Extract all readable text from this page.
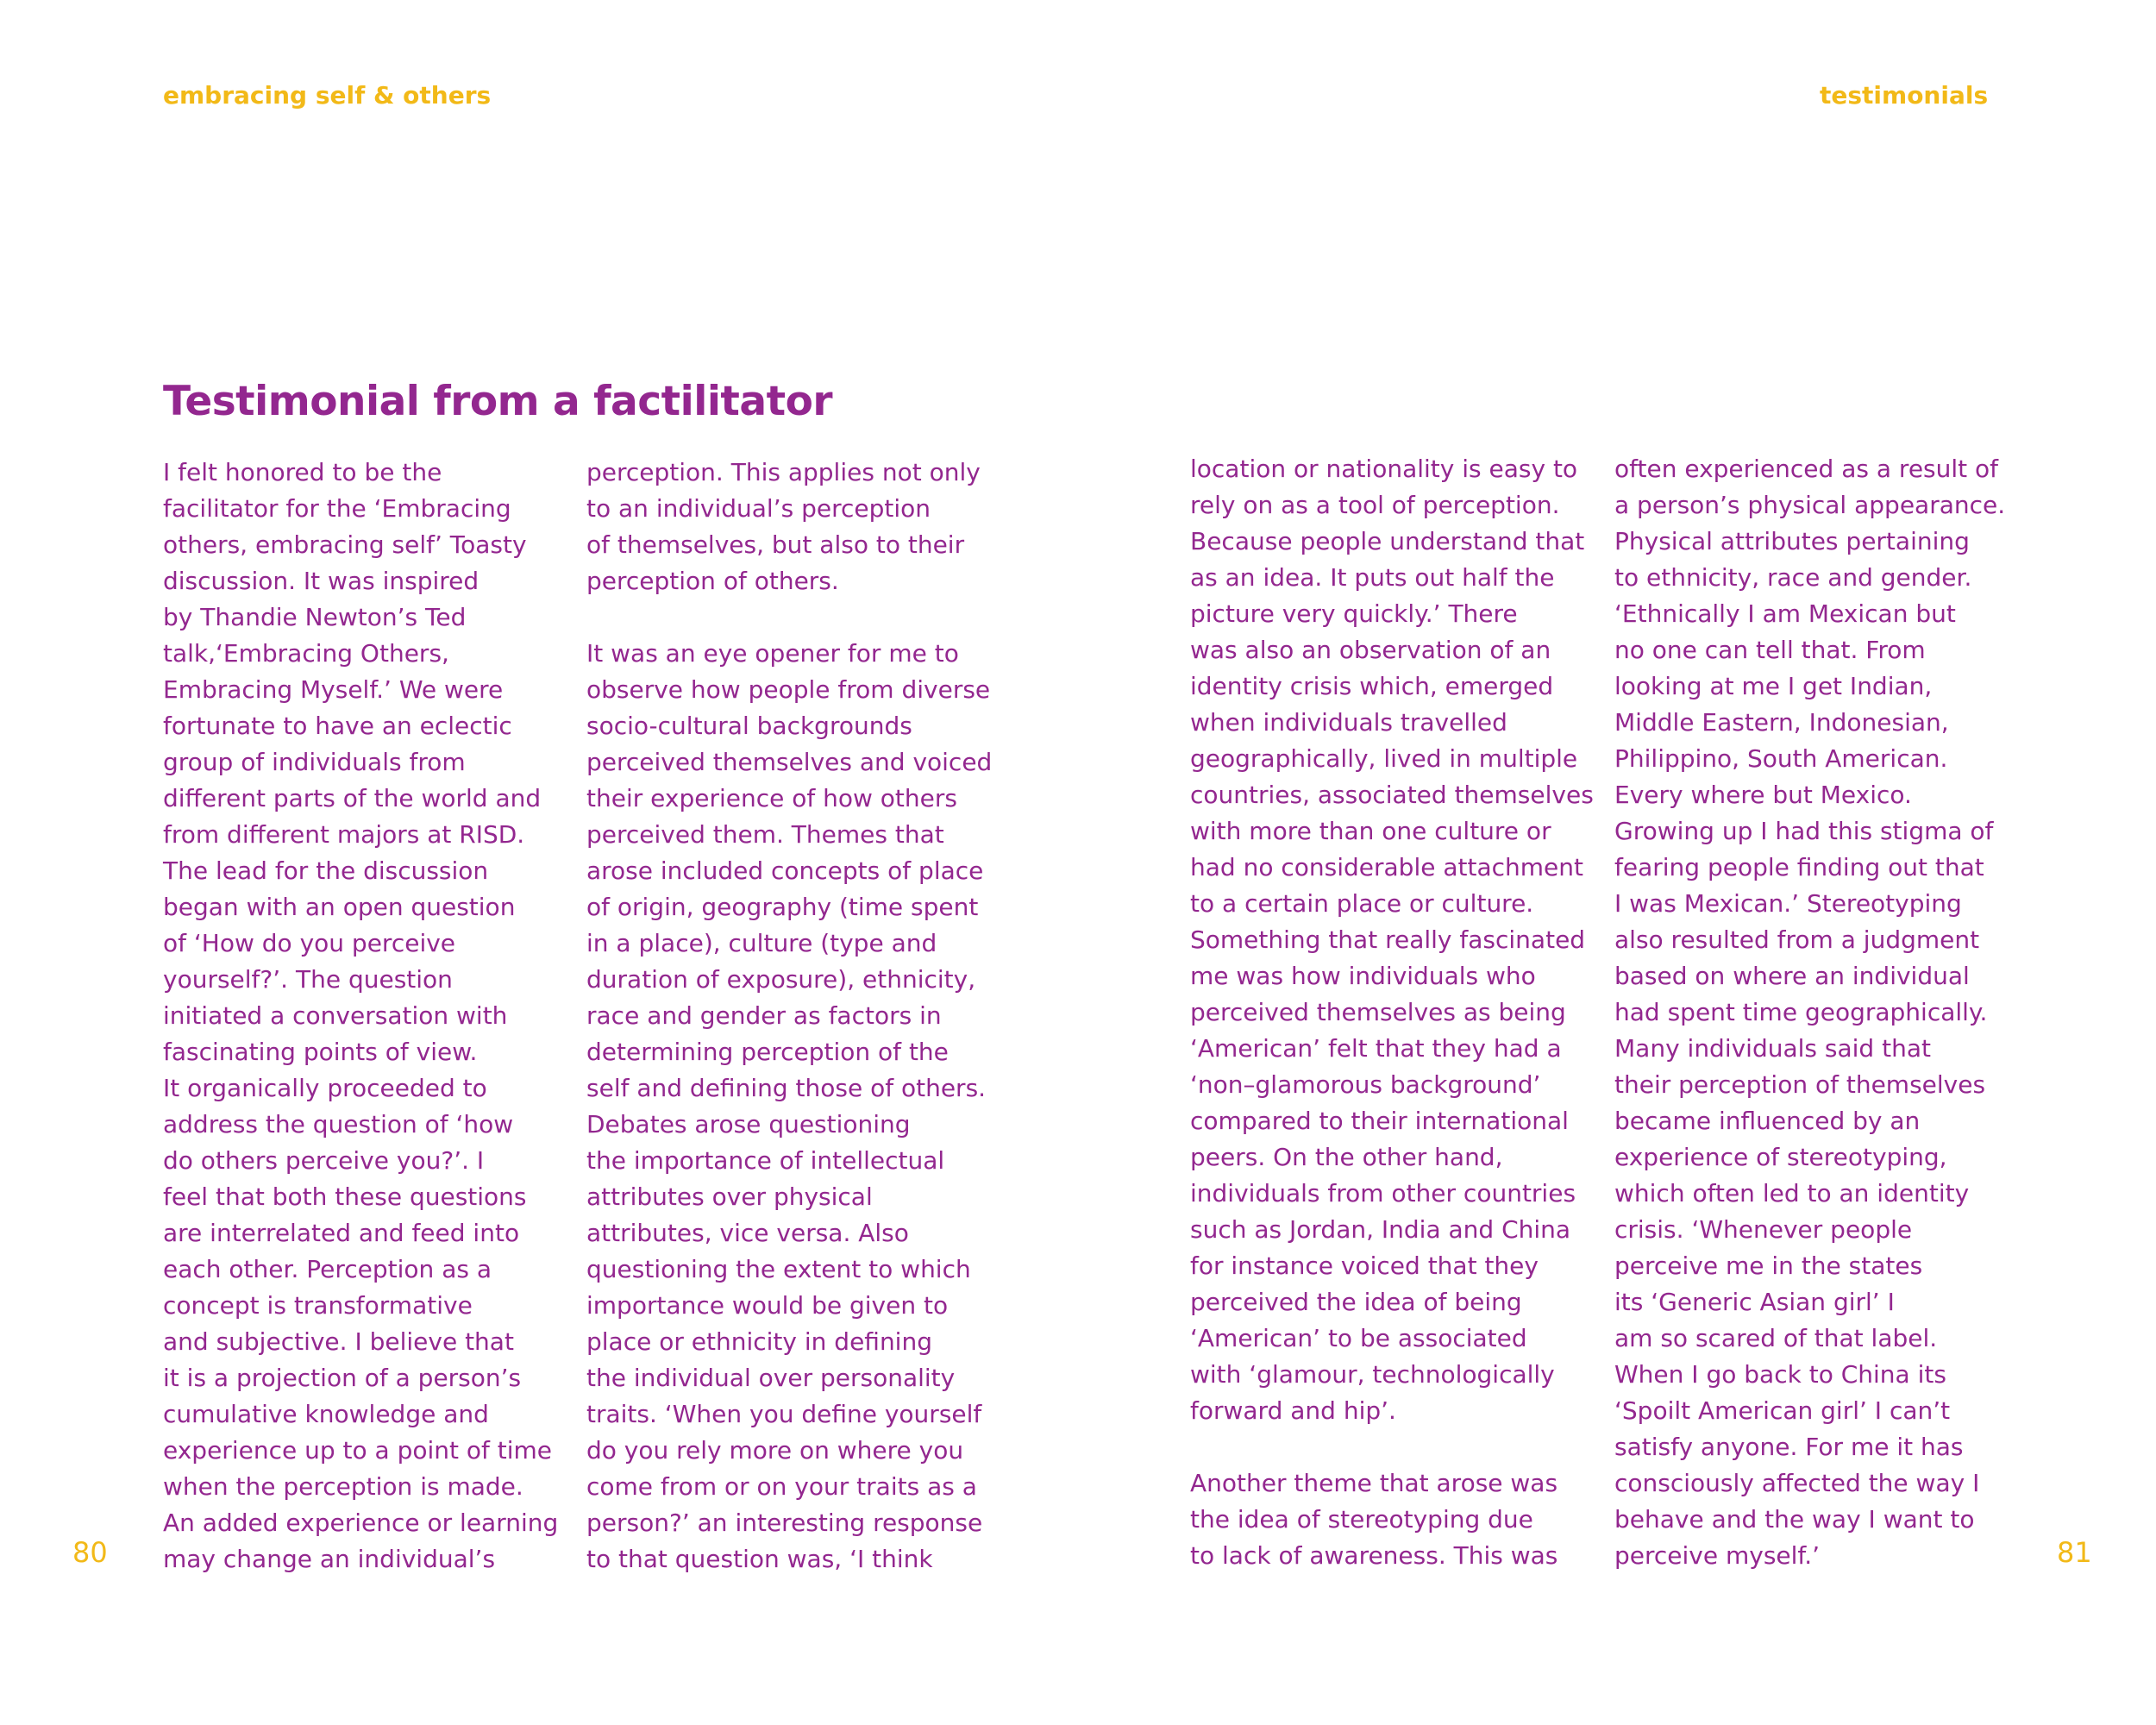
embracing self & others	testimonials
Testimonial from a factilitator
I felt honored to be the
facilitator for the ‘Embracing
others, embracing self’ Toasty
discussion. It was inspired
by Thandie Newton’s Ted
talk,‘Embracing Others,
Embracing Myself.’ We were
fortunate to have an eclectic
group of individuals from
different parts of the world and
from different majors at RISD.
The lead for the discussion
began with an open question
of ‘How do you perceive
yourself?’. The question
initiated a conversation with
fascinating points of view.
It organically proceeded to
address the question of ‘how
do others perceive you?’. I
feel that both these questions
are interrelated and feed into
each other. Perception as a
concept is transformative
and subjective. I believe that
it is a projection of a person’s
cumulative knowledge and
experience up to a point of time
when the perception is made.
An added experience or learning
may change an individual’s
perception. This applies not only
to an individual’s perception
of themselves, but also to their
perception of others.
It was an eye opener for me to
observe how people from diverse
socio-cultural backgrounds
perceived themselves and voiced
their experience of how others
perceived them. Themes that
arose included concepts of place
of origin, geography (time spent
in a place), culture (type and
duration of exposure), ethnicity,
race and gender as factors in
determining perception of the
self and defining those of others.
Debates arose questioning
the importance of intellectual
attributes over physical
attributes, vice versa. Also
questioning the extent to which
importance would be given to
place or ethnicity in defining
the individual over personality
traits. ‘When you define yourself
do you rely more on where you
come from or on your traits as a
person?’ an interesting response
to that question was, ‘I think
location or nationality is easy to
rely on as a tool of perception.
Because people understand that
as an idea. It puts out half the
picture very quickly.’ There
was also an observation of an
identity crisis which, emerged
when individuals travelled
geographically, lived in multiple
countries, associated themselves
with more than one culture or
had no considerable attachment
to a certain place or culture.
Something that really fascinated
me was how individuals who
perceived themselves as being
‘American’ felt that they had a
‘non–glamorous background’
compared to their international
peers. On the other hand,
individuals from other countries
such as Jordan, India and China
for instance voiced that they
perceived the idea of being
‘American’ to be associated
with ‘glamour, technologically
forward and hip’.
Another theme that arose was
the idea of stereotyping due
to lack of awareness. This was
often experienced as a result of
a person’s physical appearance.
Physical attributes pertaining
to ethnicity, race and gender.
‘Ethnically I am Mexican but
no one can tell that. From
looking at me I get Indian,
Middle Eastern, Indonesian,
Philippino, South American.
Every where but Mexico.
Growing up I had this stigma of
fearing people finding out that
I was Mexican.’ Stereotyping
also resulted from a judgment
based on where an individual
had spent time geographically.
Many individuals said that
their perception of themselves
became influenced by an
experience of stereotyping,
which often led to an identity
crisis. ‘Whenever people
perceive me in the states
its ‘Generic Asian girl’ I
am so scared of that label.
When I go back to China its
‘Spoilt American girl’ I can’t
satisfy anyone. For me it has
consciously affected the way I
behave and the way I want to
perceive myself.’
80	81
